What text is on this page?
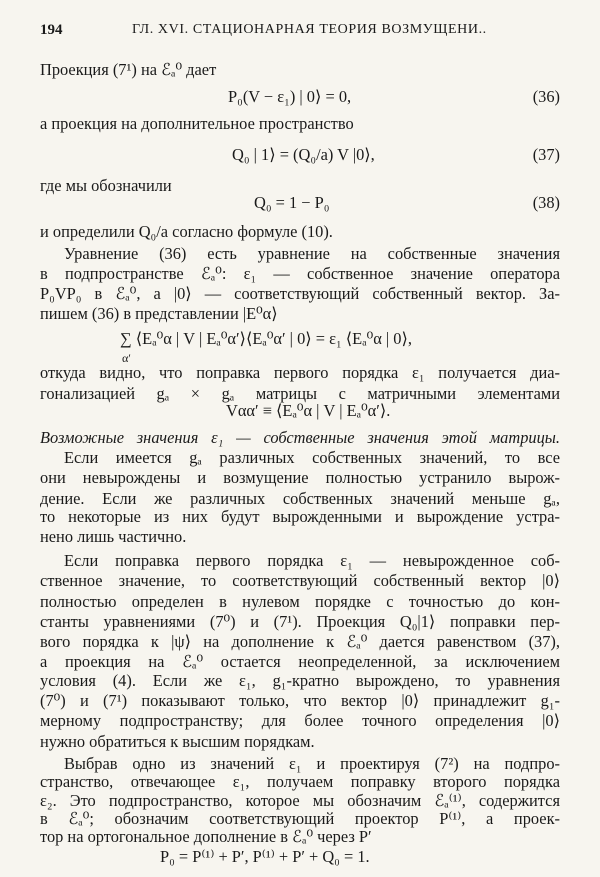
194	ГЛ. XVI. СТАЦИОНАРНАЯ ТЕОРИЯ ВОЗМУЩЕНИ..
Проекция (7¹) на ℰₐ⁰ дает
P₀(V − ε₁) | 0⟩ = 0,	(36)
а проекция на дополнительное пространство
Q₀ | 1⟩ = (Q₀/a) V |0⟩,	(37)
где мы обозначили
Q₀ = 1 − P₀	(38)
и определили Q₀/a согласно формуле (10).
Уравнение (36) есть уравнение на собственные значения
в подпространстве ℰₐ⁰: ε₁ — собственное значение оператора
P₀VP₀ в ℰₐ⁰, а |0⟩ — соответствующий собственный вектор. За-
пишем (36) в представлении |E⁰α⟩
∑ ⟨Eₐ⁰α | V | Eₐ⁰α′⟩⟨Eₐ⁰α′ | 0⟩ = ε₁ ⟨Eₐ⁰α | 0⟩,
α′
откуда видно, что поправка первого порядка ε₁ получается диа-
гонализацией gₐ × gₐ матрицы с матричными элементами
Vαα′ ≡ ⟨Eₐ⁰α | V | Eₐ⁰α′⟩.
Возможные значения ε₁ — собственные значения этой матрицы.
Если имеется gₐ различных собственных значений, то все
они невырождены и возмущение полностью устранило вырож-
дение. Если же различных собственных значений меньше gₐ,
то некоторые из них будут вырожденными и вырождение устра-
нено лишь частично.
Если поправка первого порядка ε₁ — невырожденное соб-
ственное значение, то соответствующий собственный вектор |0⟩
полностью определен в нулевом порядке с точностью до кон-
станты уравнениями (7⁰) и (7¹). Проекция Q₀|1⟩ поправки пер-
вого порядка к |ψ⟩ на дополнение к ℰₐ⁰ дается равенством (37),
а проекция на ℰₐ⁰ остается неопределенной, за исключением
условия (4). Если же ε₁, g₁-кратно вырождено, то уравнения
(7⁰) и (7¹) показывают только, что вектор |0⟩ принадлежит g₁-
мерному подпространству; для более точного определения |0⟩
нужно обратиться к высшим порядкам.
Выбрав одно из значений ε₁ и проектируя (7²) на подпро-
странство, отвечающее ε₁, получаем поправку второго порядка
ε₂. Это подпространство, которое мы обозначим ℰₐ⁽¹⁾, содержится
в ℰₐ⁰; обозначим соответствующий проектор P⁽¹⁾, а проек-
тор на ортогональное дополнение в ℰₐ⁰ через P′
P₀ = P⁽¹⁾ + P′, P⁽¹⁾ + P′ + Q₀ = 1.
